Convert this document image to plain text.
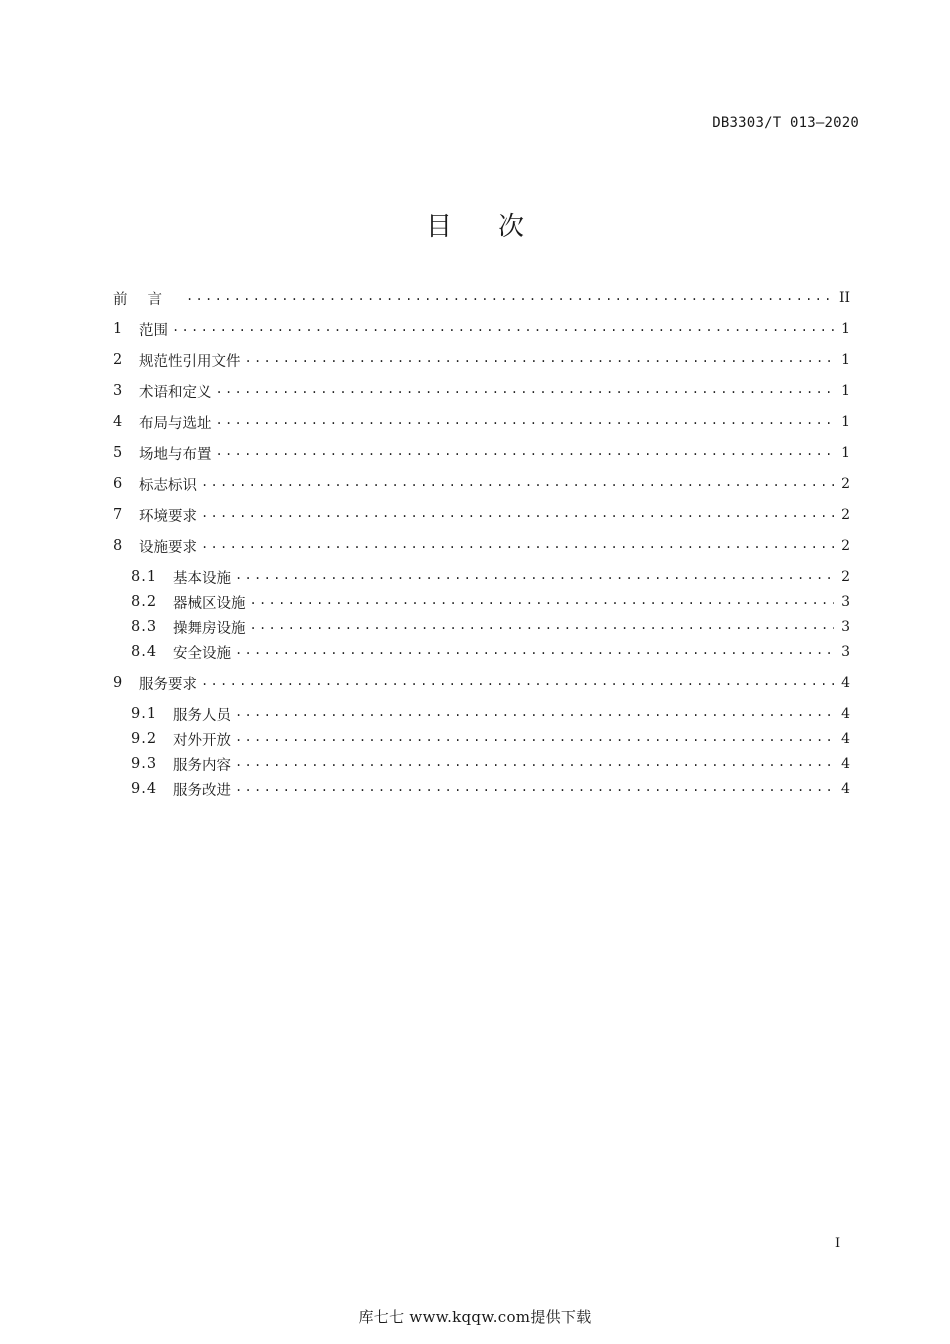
DB3303/T 013—2020
目次
前言 .....	II
1	范围 .....	1
2	规范性引用文件 .....	1
3	术语和定义 .....	1
4	布局与选址 .....	1
5	场地与布置 .....	1
6	标志标识 .....	2
7	环境要求 .....	2
8	设施要求 .....	2
8.1	基本设施 .....	2
8.2	器械区设施 .....	3
8.3	操舞房设施 .....	3
8.4	安全设施 .....	3
9	服务要求 .....	4
9.1	服务人员 .....	4
9.2	对外开放 .....	4
9.3	服务内容 .....	4
9.4	服务改进 .....	4
I
库七七 www.kqqw.com提供下载
